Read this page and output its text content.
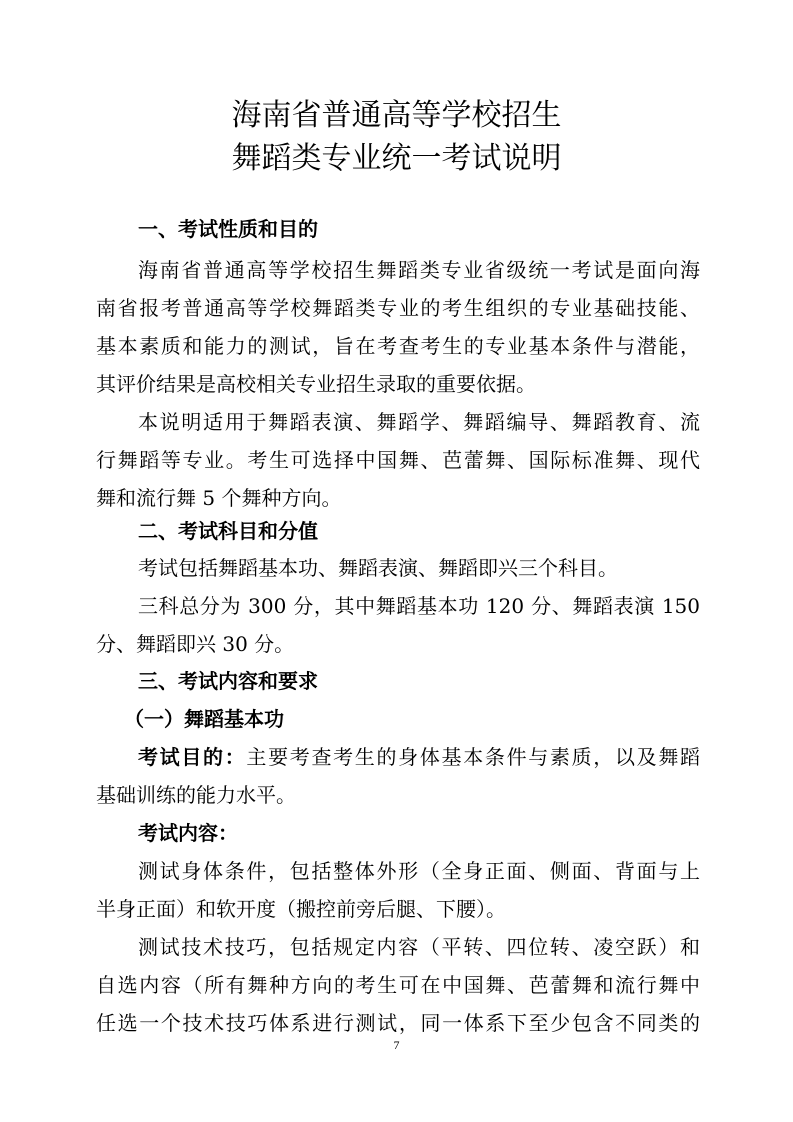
海南省普通高等学校招生
舞蹈类专业统一考试说明
一、考试性质和目的
海南省普通高等学校招生舞蹈类专业省级统一考试是面向海
南省报考普通高等学校舞蹈类专业的考生组织的专业基础技能、
基本素质和能力的测试，旨在考查考生的专业基本条件与潜能，
其评价结果是高校相关专业招生录取的重要依据。
本说明适用于舞蹈表演、舞蹈学、舞蹈编导、舞蹈教育、流
行舞蹈等专业。考生可选择中国舞、芭蕾舞、国际标准舞、现代
舞和流行舞 5 个舞种方向。
二、考试科目和分值
考试包括舞蹈基本功、舞蹈表演、舞蹈即兴三个科目。
三科总分为 300 分，其中舞蹈基本功 120 分、舞蹈表演 150
分、舞蹈即兴 30 分。
三、考试内容和要求
（一）舞蹈基本功
考试目的：主要考查考生的身体基本条件与素质，以及舞蹈
基础训练的能力水平。
考试内容：
测试身体条件，包括整体外形（全身正面、侧面、背面与上
半身正面）和软开度（搬控前旁后腿、下腰）。
测试技术技巧，包括规定内容（平转、四位转、凌空跃）和
自选内容（所有舞种方向的考生可在中国舞、芭蕾舞和流行舞中
任选一个技术技巧体系进行测试，同一体系下至少包含不同类的
7
